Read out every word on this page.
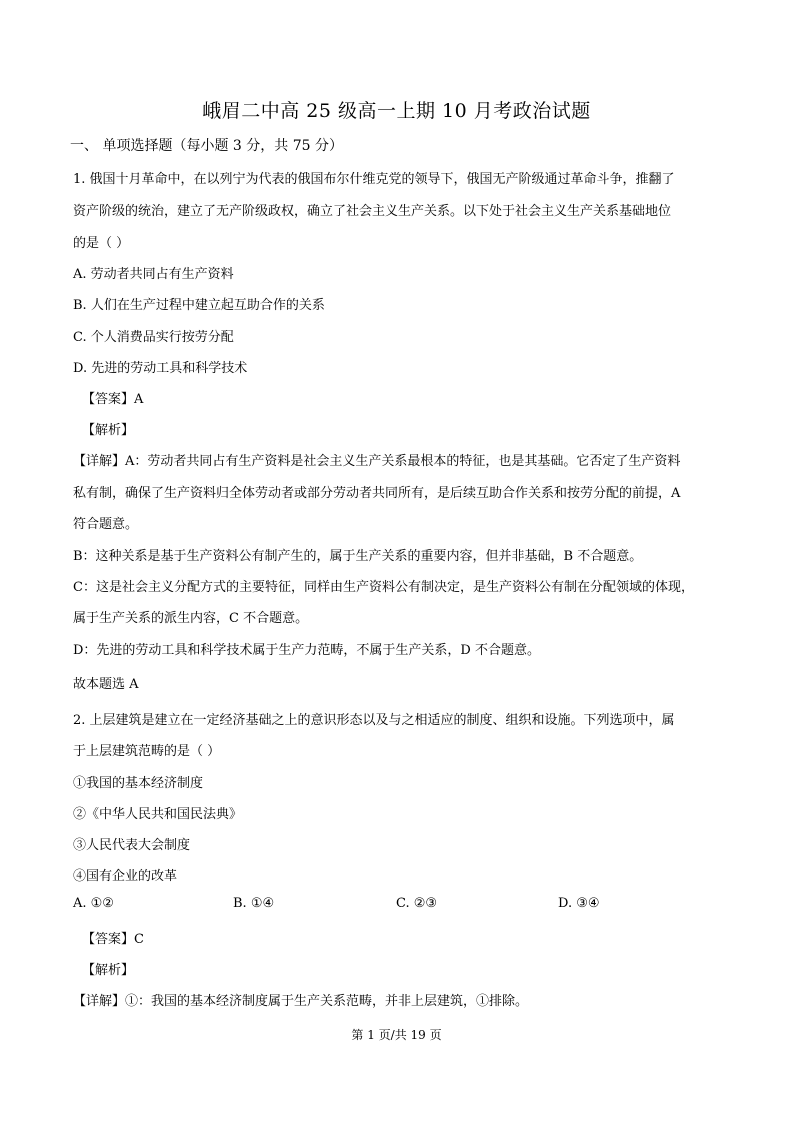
峨眉二中高 25 级高一上期 10 月考政治试题
一、 单项选择题（每小题 3 分，共 75 分）
1. 俄国十月革命中，在以列宁为代表的俄国布尔什维克党的领导下，俄国无产阶级通过革命斗争，推翻了
资产阶级的统治，建立了无产阶级政权，确立了社会主义生产关系。以下处于社会主义生产关系基础地位
的是（ ）
A. 劳动者共同占有生产资料
B. 人们在生产过程中建立起互助合作的关系
C. 个人消费品实行按劳分配
D. 先进的劳动工具和科学技术
【答案】A
【解析】
【详解】A：劳动者共同占有生产资料是社会主义生产关系最根本的特征，也是其基础。它否定了生产资料
私有制，确保了生产资料归全体劳动者或部分劳动者共同所有，是后续互助合作关系和按劳分配的前提，A
符合题意。
B：这种关系是基于生产资料公有制产生的，属于生产关系的重要内容，但并非基础，B 不合题意。
C：这是社会主义分配方式的主要特征，同样由生产资料公有制决定，是生产资料公有制在分配领域的体现，
属于生产关系的派生内容，C 不合题意。
D：先进的劳动工具和科学技术属于生产力范畴，不属于生产关系，D 不合题意。
故本题选 A
2. 上层建筑是建立在一定经济基础之上的意识形态以及与之相适应的制度、组织和设施。下列选项中，属
于上层建筑范畴的是（ ）
①我国的基本经济制度
②《中华人民共和国民法典》
③人民代表大会制度
④国有企业的改革
A. ①②	B. ①④	C. ②③	D. ③④
【答案】C
【解析】
【详解】①：我国的基本经济制度属于生产关系范畴，并非上层建筑，①排除。
第 1 页/共 19 页
